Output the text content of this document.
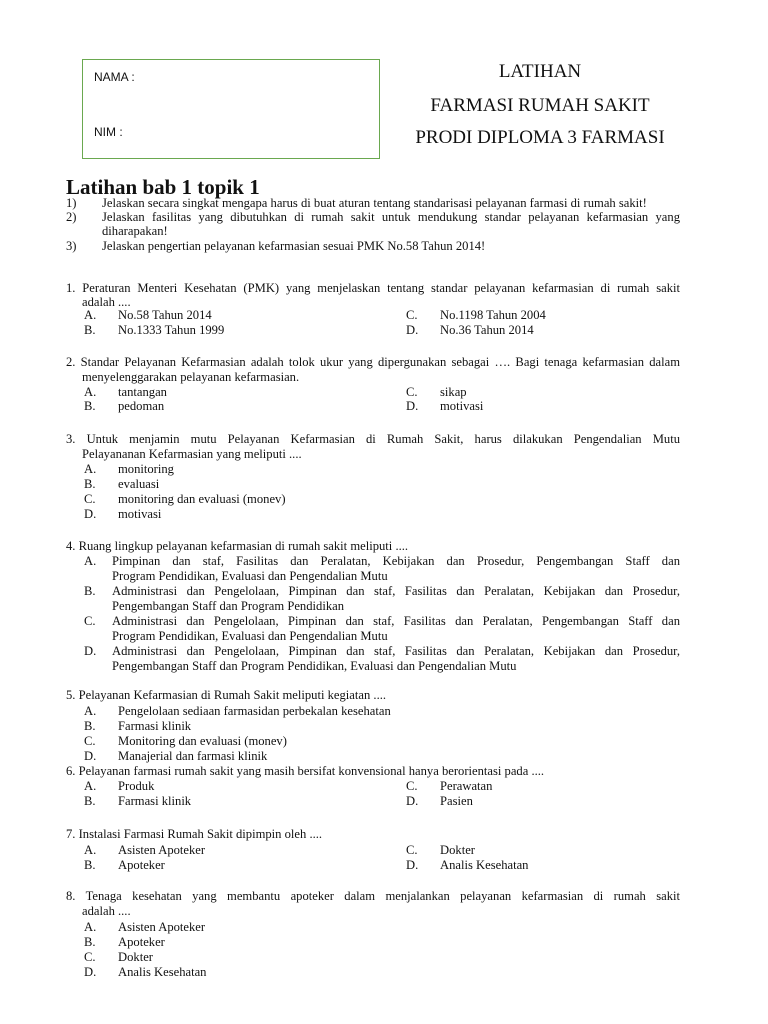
NAMA :
NIM :
LATIHAN
FARMASI RUMAH SAKIT
PRODI DIPLOMA 3 FARMASI
Latihan bab 1 topik 1
1) Jelaskan secara singkat mengapa harus di buat aturan tentang standarisasi pelayanan farmasi di rumah sakit!
2) Jelaskan fasilitas yang dibutuhkan di rumah sakit untuk mendukung standar pelayanan kefarmasian yang
diharapakan!
3) Jelaskan pengertian pelayanan kefarmasian sesuai PMK No.58 Tahun 2014!
1. Peraturan Menteri Kesehatan (PMK) yang menjelaskan tentang standar pelayanan kefarmasian di rumah sakit
adalah ....
A. No.58 Tahun 2014	C. No.1198 Tahun 2004
B. No.1333 Tahun 1999	D. No.36 Tahun 2014
2. Standar Pelayanan Kefarmasian adalah tolok ukur yang dipergunakan sebagai …. Bagi tenaga kefarmasian dalam
menyelenggarakan pelayanan kefarmasian.
A. tantangan	C. sikap
B. pedoman	D. motivasi
3. Untuk menjamin mutu Pelayanan Kefarmasian di Rumah Sakit, harus dilakukan Pengendalian Mutu
Pelayananan Kefarmasian yang meliputi ....
A. monitoring
B. evaluasi
C. monitoring dan evaluasi (monev)
D. motivasi
4. Ruang lingkup pelayanan kefarmasian di rumah sakit meliputi ....
A. Pimpinan dan staf, Fasilitas dan Peralatan, Kebijakan dan Prosedur, Pengembangan Staff dan
Program Pendidikan, Evaluasi dan Pengendalian Mutu
B. Administrasi dan Pengelolaan, Pimpinan dan staf, Fasilitas dan Peralatan, Kebijakan dan Prosedur,
Pengembangan Staff dan Program Pendidikan
C. Administrasi dan Pengelolaan, Pimpinan dan staf, Fasilitas dan Peralatan, Pengembangan Staff dan
Program Pendidikan, Evaluasi dan Pengendalian Mutu
D. Administrasi dan Pengelolaan, Pimpinan dan staf, Fasilitas dan Peralatan, Kebijakan dan Prosedur,
Pengembangan Staff dan Program Pendidikan, Evaluasi dan Pengendalian Mutu
5. Pelayanan Kefarmasian di Rumah Sakit meliputi kegiatan ....
A. Pengelolaan sediaan farmasidan perbekalan kesehatan
B. Farmasi klinik
C. Monitoring dan evaluasi (monev)
D. Manajerial dan farmasi klinik
6. Pelayanan farmasi rumah sakit yang masih bersifat konvensional hanya berorientasi pada ....
A. Produk	C. Perawatan
B. Farmasi klinik	D. Pasien
7. Instalasi Farmasi Rumah Sakit dipimpin oleh ....
A. Asisten Apoteker	C. Dokter
B. Apoteker	D. Analis Kesehatan
8. Tenaga kesehatan yang membantu apoteker dalam menjalankan pelayanan kefarmasian di rumah sakit
adalah ....
A. Asisten Apoteker
B. Apoteker
C. Dokter
D. Analis Kesehatan
